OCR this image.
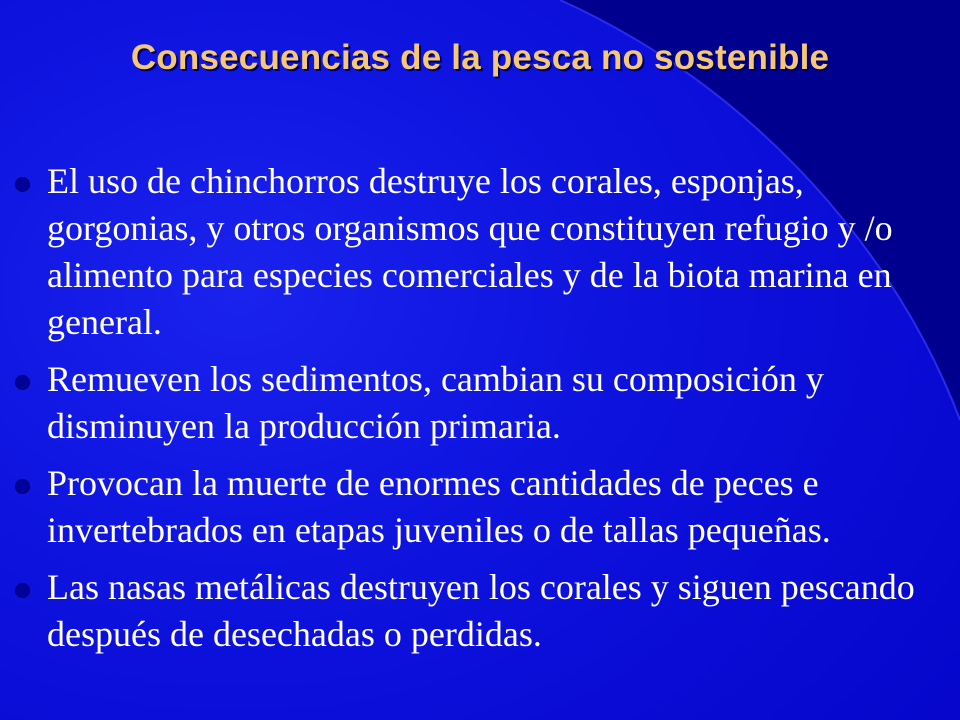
Consecuencias de la pesca no sostenible
El uso de chinchorros destruye los corales, esponjas, gorgonias, y otros organismos que constituyen refugio y /o alimento para especies comerciales y de la biota marina en general.
Remueven los sedimentos, cambian su composición y disminuyen la producción primaria.
Provocan la muerte de enormes cantidades de peces e invertebrados en etapas juveniles o de tallas pequeñas.
Las nasas metálicas destruyen los corales y siguen pescando después de desechadas o perdidas.
